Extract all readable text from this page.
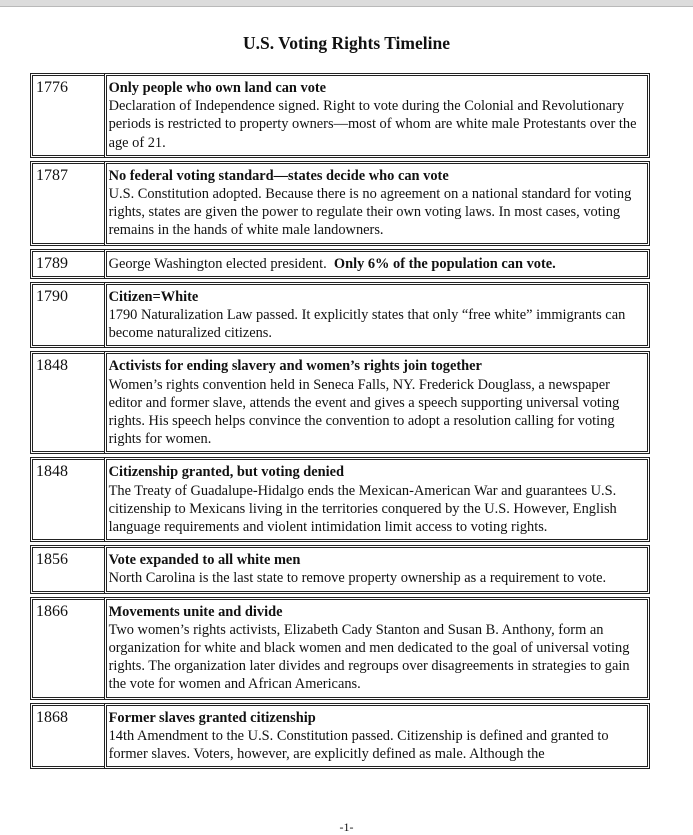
U.S. Voting Rights Timeline
1776	Only people who own land can vote
Declaration of Independence signed. Right to vote during the Colonial and Revolutionary periods is restricted to property owners—most of whom are white male Protestants over the age of 21.
1787	No federal voting standard—states decide who can vote
U.S. Constitution adopted. Because there is no agreement on a national standard for voting rights, states are given the power to regulate their own voting laws. In most cases, voting remains in the hands of white male landowners.
1789	George Washington elected president.  Only 6% of the population can vote.
1790	Citizen=White
1790 Naturalization Law passed. It explicitly states that only “free white” immigrants can become naturalized citizens.
1848	Activists for ending slavery and women’s rights join together
Women’s rights convention held in Seneca Falls, NY. Frederick Douglass, a newspaper editor and former slave, attends the event and gives a speech supporting universal voting rights. His speech helps convince the convention to adopt a resolution calling for voting rights for women.
1848	Citizenship granted, but voting denied
The Treaty of Guadalupe-Hidalgo ends the Mexican-American War and guarantees U.S. citizenship to Mexicans living in the territories conquered by the U.S. However, English language requirements and violent intimidation limit access to voting rights.
1856	Vote expanded to all white men
North Carolina is the last state to remove property ownership as a requirement to vote.
1866	Movements unite and divide
Two women’s rights activists, Elizabeth Cady Stanton and Susan B. Anthony, form an organization for white and black women and men dedicated to the goal of universal voting rights. The organization later divides and regroups over disagreements in strategies to gain the vote for women and African Americans.
1868	Former slaves granted citizenship
14th Amendment to the U.S. Constitution passed. Citizenship is defined and granted to former slaves. Voters, however, are explicitly defined as male. Although the
-1-
